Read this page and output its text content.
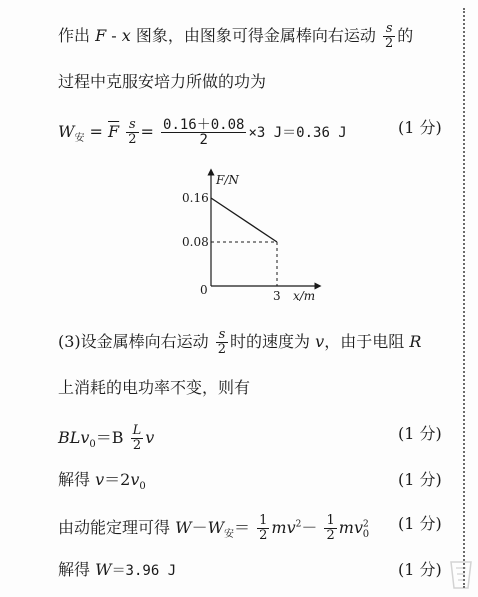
作出 F - x 图象，由图象可得金属棒向右运动 $\frac{s}{2}$ 的
过程中克服安培力所做的功为
$W_安 = \overline{F} \frac{s}{2} = \frac{0.16+0.08}{2} \times 3$ J＝0.36 J	(1 分)
F/N
x/m
0
0.16
0.08
3
(3)设金属棒向右运动 $\frac{s}{2}$ 时的速度为 v，由于电阻 R
上消耗的电功率不变，则有
$BLv_0=B \frac{L}{2}$ v	(1 分)
解得 $v=2v_0$	(1 分)
由动能定理可得 $W-W_安= \frac{1}{2} mv^2- \frac{1}{2} mv^2_0$
(1 分)
解得 W＝3.96 J	(1 分)
